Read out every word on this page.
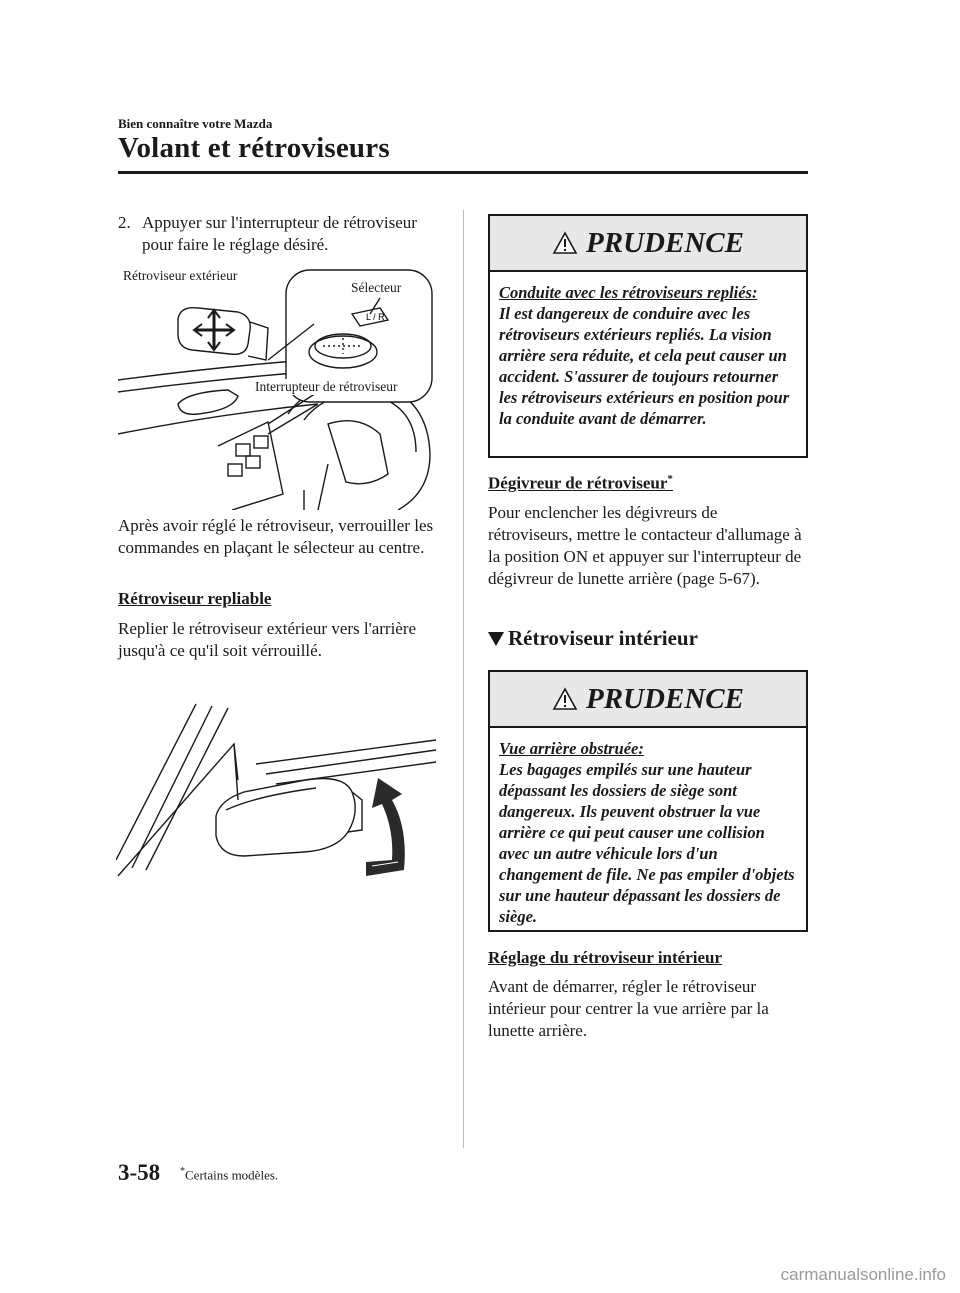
Bien connaître votre Mazda
Volant et rétroviseurs
2. Appuyer sur l'interrupteur de rétroviseur pour faire le réglage désiré.
L / R
Rétroviseur extérieur
Sélecteur
Interrupteur de rétroviseur
Après avoir réglé le rétroviseur, verrouiller les commandes en plaçant le sélecteur au centre.
Rétroviseur repliable
Replier le rétroviseur extérieur vers l'arrière jusqu'à ce qu'il soit vérrouillé.
PRUDENCE
Conduite avec les rétroviseurs repliés:
Il est dangereux de conduire avec les rétroviseurs extérieurs repliés. La vision arrière sera réduite, et cela peut causer un accident. S'assurer de toujours retourner les rétroviseurs extérieurs en position pour la conduite avant de démarrer.
Dégivreur de rétroviseur*
Pour enclencher les dégivreurs de rétroviseurs, mettre le contacteur d'allumage à la position ON et appuyer sur l'interrupteur de dégivreur de lunette arrière (page 5-67).
Rétroviseur intérieur
PRUDENCE
Vue arrière obstruée:
Les bagages empilés sur une hauteur dépassant les dossiers de siège sont dangereux. Ils peuvent obstruer la vue arrière ce qui peut causer une collision avec un autre véhicule lors d'un changement de file. Ne pas empiler d'objets sur une hauteur dépassant les dossiers de siège.
Réglage du rétroviseur intérieur
Avant de démarrer, régler le rétroviseur intérieur pour centrer la vue arrière par la lunette arrière.
3-58 *Certains modèles.
carmanualsonline.info
